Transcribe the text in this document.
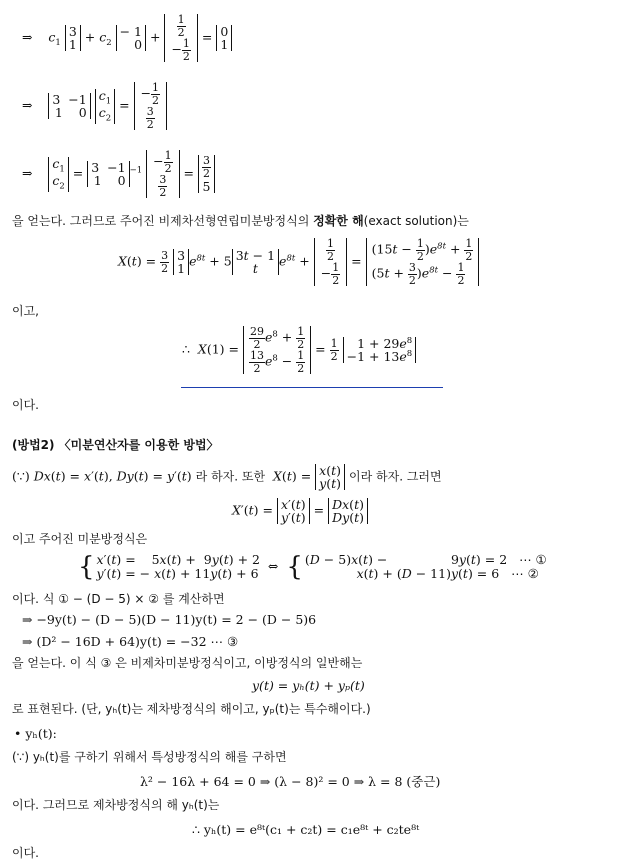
⇒ $c_1$ 3
$1 + c_2 - 1$
$0 + \frac{1}{2}$

− $\frac{1}{2}$
= 0
1
⇒ 3  −1
1    0 $c_1$
$c_2$ = − $\frac{1}{2}$

$\frac{3}{2}$
⇒    $c_1$
$c_2 = 3 -1$
1    $0^{-1} - \frac{1}{2}$

$\frac{3}{2}$
= $\frac{3}{2}$

5
을 얻는다. 그러므로 주어진 비제차선형연립미분방정식의 정확한 해(exact solution)는
$X(t) = \frac{3}{2} 3$
1 $e^{8t} + 5$ 3t − 1
t $e^{8t} + \frac{1}{2}$

− $\frac{1}{2}$
= $(15t - \frac{1}{2} )e^{8t} + \frac{1}{2}$

$(5t + \frac{3}{2} )e^{8t} - \frac{1}{2}$
이고,
∴ $X(1) = \frac{29}{2} e^8 + \frac{1}{2}$

$\frac{13}{2} e^8 - \frac{1}{2}$
= $\frac{1}{2} 1 + 29e^8$
$-1 + 13e^8$
이다.
(방법2) 〈미분연산자를 이용한 방법〉
(∵) Dx(t) = x′(t), Dy(t) = y′(t) 라 하자. 또한 X(t) = x(t)
y(t) 이라 하자. 그러면
X′(t) = x′(t)
y′(t) = Dx(t)
Dy(t)
이고 주어진 미분방정식은
{ x′(t) =    5x(t) +  9y(t) + 2
y′(t) = − x(t) + 11y(t) + 6  ⇔  {(D − 5)x(t) −                9y(t) = 2   ⋯ ①
x(t) + (D − 11)y(t) = 6   ⋯ ②
이다. 식 ① − (D − 5) × ② 를 계산하면
⇒ −9y(t) − (D − 5)(D − 11)y(t) = 2 − (D − 5)6
⇒ (D² − 16D + 64)y(t) = −32 ⋯ ③
을 얻는다. 이 식 ③ 은 비제차미분방정식이고, 이방정식의 일반해는
y(t) = yₕ(t) + yₚ(t)
로 표현된다. (단, yₕ(t)는 제차방정식의 해이고, yₚ(t)는 특수해이다.)
• yₕ(t):
(∵) yₕ(t)를 구하기 위해서 특성방정식의 해를 구하면
λ² − 16λ + 64 = 0 ⇒ (λ − 8)² = 0 ⇒ λ = 8 (중근)
이다. 그러므로 제차방정식의 해 yₕ(t)는
∴ yₕ(t) = e⁸ᵗ(c₁ + c₂t) = c₁e⁸ᵗ + c₂te⁸ᵗ
이다.
